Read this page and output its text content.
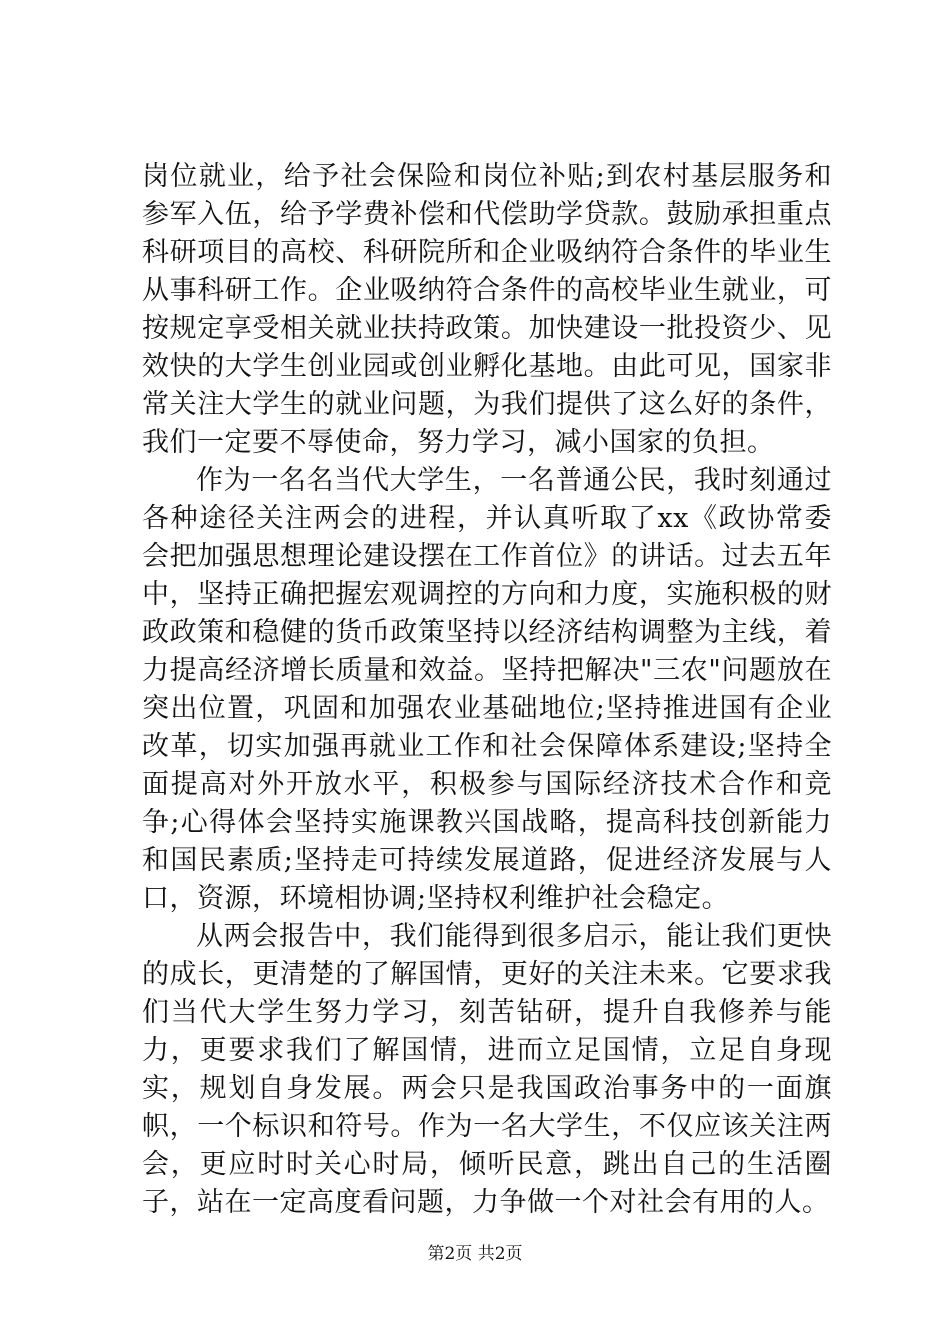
岗位就业，给予社会保险和岗位补贴;到农村基层服务和参军入伍，给予学费补偿和代偿助学贷款。鼓励承担重点科研项目的高校、科研院所和企业吸纳符合条件的毕业生从事科研工作。企业吸纳符合条件的高校毕业生就业，可按规定享受相关就业扶持政策。加快建设一批投资少、见效快的大学生创业园或创业孵化基地。由此可见，国家非常关注大学生的就业问题，为我们提供了这么好的条件，我们一定要不辱使命，努力学习，减小国家的负担。

作为一名名当代大学生，一名普通公民，我时刻通过各种途径关注两会的进程，并认真听取了xx《政协常委会把加强思想理论建设摆在工作首位》的讲话。过去五年中，坚持正确把握宏观调控的方向和力度，实施积极的财政政策和稳健的货币政策坚持以经济结构调整为主线，着力提高经济增长质量和效益。坚持把解决"三农"问题放在突出位置，巩固和加强农业基础地位;坚持推进国有企业改革，切实加强再就业工作和社会保障体系建设;坚持全面提高对外开放水平，积极参与国际经济技术合作和竞争;心得体会坚持实施课教兴国战略，提高科技创新能力和国民素质;坚持走可持续发展道路，促进经济发展与人口，资源，环境相协调;坚持权利维护社会稳定。

从两会报告中，我们能得到很多启示，能让我们更快的成长，更清楚的了解国情，更好的关注未来。它要求我们当代大学生努力学习，刻苦钻研，提升自我修养与能力，更要求我们了解国情，进而立足国情，立足自身现实，规划自身发展。两会只是我国政治事务中的一面旗帜，一个标识和符号。作为一名大学生，不仅应该关注两会，更应时时关心时局，倾听民意，跳出自己的生活圈子，站在一定高度看问题，力争做一个对社会有用的人。

第2页 共2页
